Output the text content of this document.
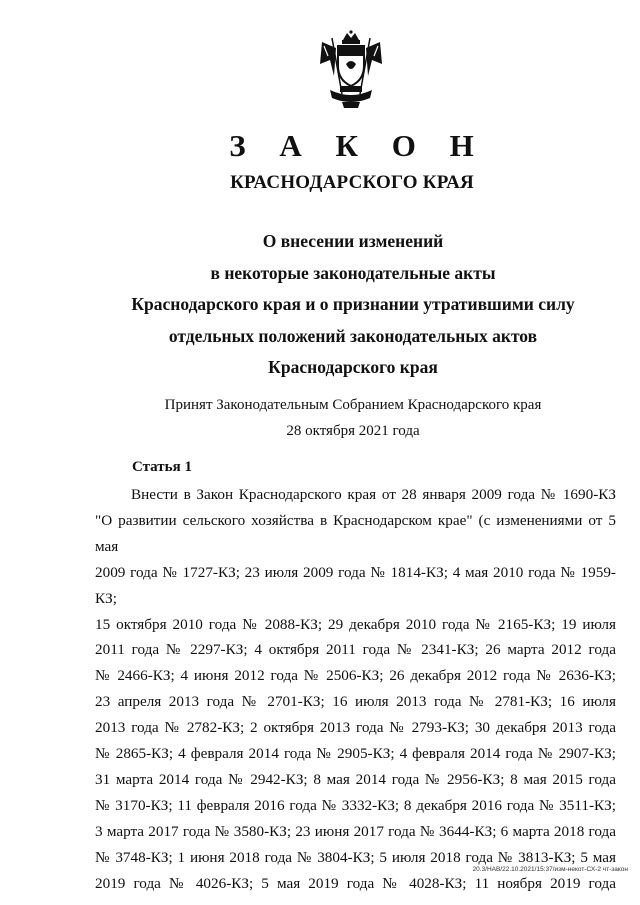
З А К О Н
КРАСНОДАРСКОГО КРАЯ
О внесении изменений
в некоторые законодательные акты
Краснодарского края и о признании утратившими силу
отдельных положений законодательных актов
Краснодарского края
Принят Законодательным Собранием Краснодарского края
28 октября 2021 года
Статья 1
Внести в Закон Краснодарского края от 28 января 2009 года № 1690-КЗ
"О развитии сельского хозяйства в Краснодарском крае" (с изменениями от 5 мая
2009 года № 1727-КЗ; 23 июля 2009 года № 1814-КЗ; 4 мая 2010 года № 1959-КЗ;
15 октября 2010 года № 2088-КЗ; 29 декабря 2010 года № 2165-КЗ; 19 июля
2011 года № 2297-КЗ; 4 октября 2011 года № 2341-КЗ; 26 марта 2012 года
№ 2466-КЗ; 4 июня 2012 года № 2506-КЗ; 26 декабря 2012 года № 2636-КЗ;
23 апреля 2013 года № 2701-КЗ; 16 июля 2013 года № 2781-КЗ; 16 июля
2013 года № 2782-КЗ; 2 октября 2013 года № 2793-КЗ; 30 декабря 2013 года
№ 2865-КЗ; 4 февраля 2014 года № 2905-КЗ; 4 февраля 2014 года № 2907-КЗ;
31 марта 2014 года № 2942-КЗ; 8 мая 2014 года № 2956-КЗ; 8 мая 2015 года
№ 3170-КЗ; 11 февраля 2016 года № 3332-КЗ; 8 декабря 2016 года № 3511-КЗ;
3 марта 2017 года № 3580-КЗ; 23 июня 2017 года № 3644-КЗ; 6 марта 2018 года
№ 3748-КЗ; 1 июня 2018 года № 3804-КЗ; 5 июля 2018 года № 3813-КЗ; 5 мая
2019 года № 4026-КЗ; 5 мая 2019 года № 4028-КЗ; 11 ноября 2019 года
20.3/НАВ/22.10.2021/15:37/изм-некот-СХ-2 чт-закон
